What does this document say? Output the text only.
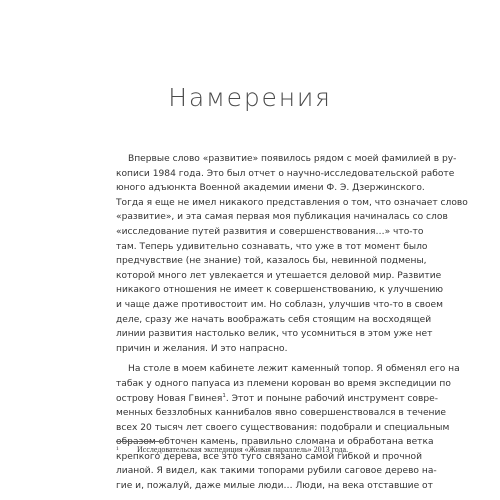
Намерения

Впервые слово «развитие» появилось рядом с моей фамилией в ру-
кописи 1984 года. Это был отчет о научно-исследовательской работе
юного адъюнкта Военной академии имени Ф. Э. Дзержинского.
Тогда я еще не имел никакого представления о том, что означает слово
«развитие», и эта самая первая моя публикация начиналась со слов
«исследование путей развития и совершенствования…» что-то
там. Теперь удивительно сознавать, что уже в тот момент было
предчувствие (не знание) той, казалось бы, невинной подмены,
которой много лет увлекается и утешается деловой мир. Развитие
никакого отношения не имеет к совершенствованию, к улучшению
и чаще даже противостоит им. Но соблазн, улучшив что-то в своем
деле, сразу же начать воображать себя стоящим на восходящей
линии развития настолько велик, что усомниться в этом уже нет
причин и желания. И это напрасно.

На столе в моем кабинете лежит каменный топор. Я обменял его на
табак у одного папуаса из племени корован во время экспедиции по
острову Новая Гвинея$^1$. Этот и поныне рабочий инструмент совре-
менных беззлобных каннибалов явно совершенствовался в течение
всех 20 тысяч лет своего существования: подобрали и специальным
образом обточен камень, правильно сломана и обработана ветка
крепкого дерева, все это туго связано самой гибкой и прочной
лианой. Я видел, как такими топорами рубили саговое дерево на-
гие и, пожалуй, даже милые люди… Люди, на века отставшие от

1 Исследовательская экспедиция «Живая параллель» 2013 года.
